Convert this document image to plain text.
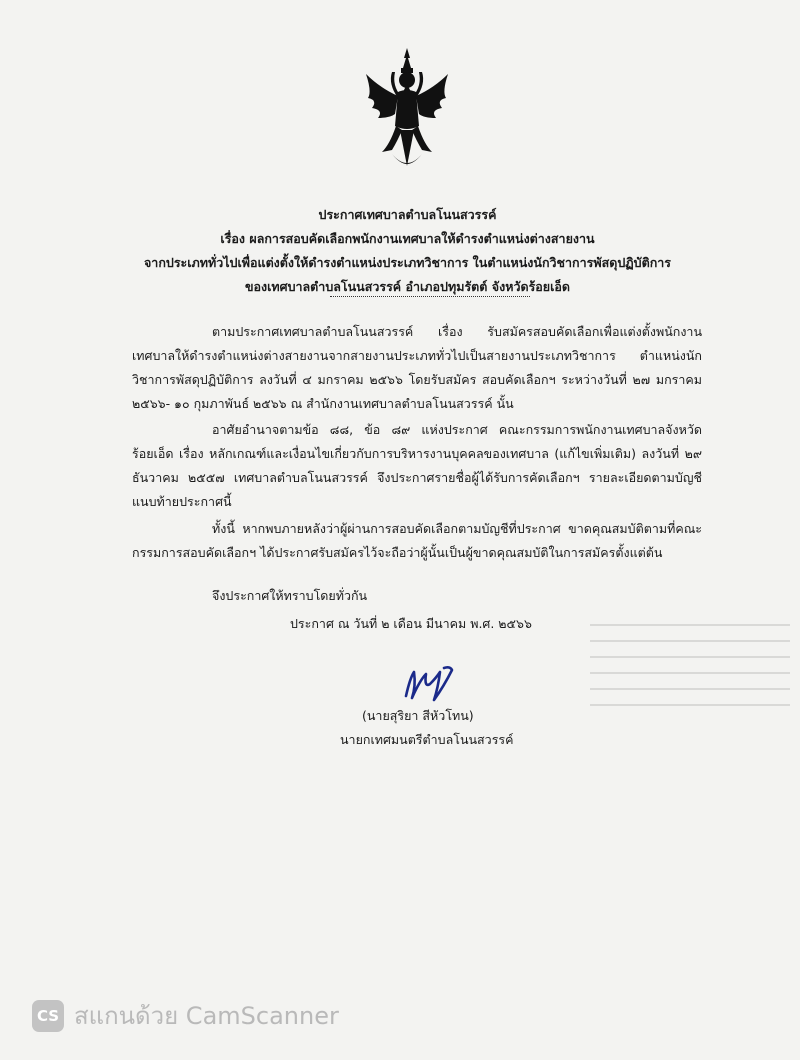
ประกาศเทศบาลตำบลโนนสวรรค์
เรื่อง ผลการสอบคัดเลือกพนักงานเทศบาลให้ดำรงตำแหน่งต่างสายงาน
จากประเภททั่วไปเพื่อแต่งตั้งให้ดำรงตำแหน่งประเภทวิชาการ ในตำแหน่งนักวิชาการพัสดุปฏิบัติการ
ของเทศบาลตำบลโนนสวรรค์ อำเภอปทุมรัตต์ จังหวัดร้อยเอ็ด
ตามประกาศเทศบาลตำบลโนนสวรรค์ เรื่อง รับสมัครสอบคัดเลือกเพื่อแต่งตั้งพนักงานเทศบาลให้ดำรงตำแหน่งต่างสายงานจากสายงานประเภททั่วไปเป็นสายงานประเภทวิชาการ ตำแหน่งนักวิชาการพัสดุปฏิบัติการ ลงวันที่ ๔ มกราคม ๒๕๖๖ โดยรับสมัคร สอบคัดเลือกฯ ระหว่างวันที่ ๒๗ มกราคม ๒๕๖๖- ๑๐ กุมภาพันธ์ ๒๕๖๖ ณ สำนักงานเทศบาลตำบลโนนสวรรค์ นั้น
อาศัยอำนาจตามข้อ ๘๘, ข้อ ๘๙ แห่งประกาศ คณะกรรมการพนักงานเทศบาลจังหวัดร้อยเอ็ด เรื่อง หลักเกณฑ์และเงื่อนไขเกี่ยวกับการบริหารงานบุคคลของเทศบาล (แก้ไขเพิ่มเติม) ลงวันที่ ๒๙ ธันวาคม ๒๕๕๗ เทศบาลตำบลโนนสวรรค์ จึงประกาศรายชื่อผู้ได้รับการคัดเลือกฯ รายละเอียดตามบัญชีแนบท้ายประกาศนี้
ทั้งนี้ หากพบภายหลังว่าผู้ผ่านการสอบคัดเลือกตามบัญชีที่ประกาศ ขาดคุณสมบัติตามที่คณะกรรมการสอบคัดเลือกฯ ได้ประกาศรับสมัครไว้จะถือว่าผู้นั้นเป็นผู้ขาดคุณสมบัติในการสมัครตั้งแต่ต้น
จึงประกาศให้ทราบโดยทั่วกัน
ประกาศ ณ วันที่ ๒ เดือน มีนาคม พ.ศ. ๒๕๖๖
(นายสุริยา สีหัวโทน)
นายกเทศมนตรีตำบลโนนสวรรค์
CS สแกนด้วย CamScanner
